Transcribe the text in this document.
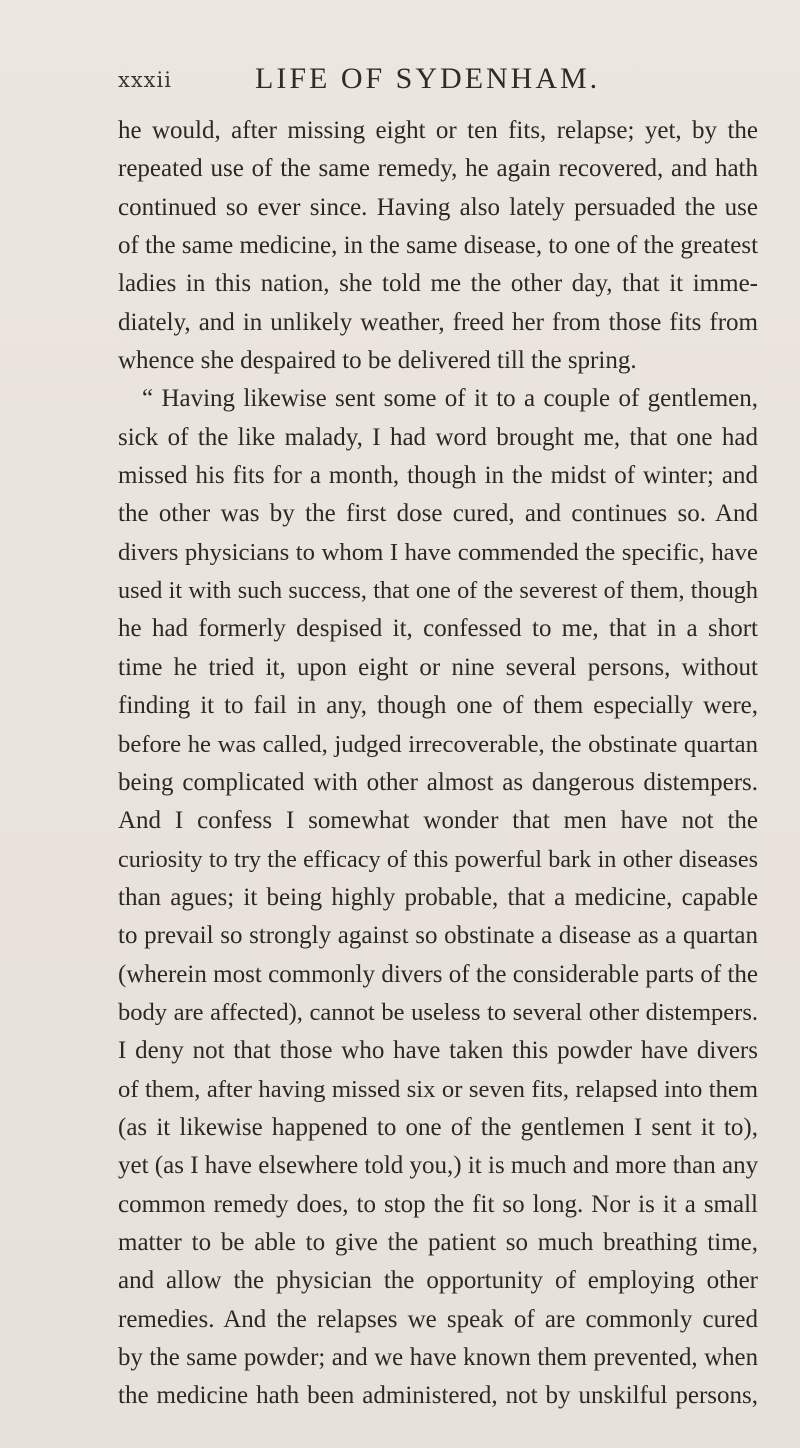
xxxii	LIFE OF SYDENHAM.
he would, after missing eight or ten fits, relapse; yet, by the
repeated use of the same remedy, he again recovered, and hath
continued so ever since. Having also lately persuaded the use
of the same medicine, in the same disease, to one of the greatest
ladies in this nation, she told me the other day, that it imme-
diately, and in unlikely weather, freed her from those fits from
whence she despaired to be delivered till the spring.
“ Having likewise sent some of it to a couple of gentlemen,
sick of the like malady, I had word brought me, that one had
missed his fits for a month, though in the midst of winter; and
the other was by the first dose cured, and continues so. And
divers physicians to whom I have commended the specific, have
used it with such success, that one of the severest of them, though
he had formerly despised it, confessed to me, that in a short
time he tried it, upon eight or nine several persons, without
finding it to fail in any, though one of them especially were,
before he was called, judged irrecoverable, the obstinate quartan
being complicated with other almost as dangerous distempers.
And I confess I somewhat wonder that men have not the
curiosity to try the efficacy of this powerful bark in other diseases
than agues; it being highly probable, that a medicine, capable
to prevail so strongly against so obstinate a disease as a quartan
(wherein most commonly divers of the considerable parts of the
body are affected), cannot be useless to several other distempers.
I deny not that those who have taken this powder have divers
of them, after having missed six or seven fits, relapsed into them
(as it likewise happened to one of the gentlemen I sent it to),
yet (as I have elsewhere told you,) it is much and more than any
common remedy does, to stop the fit so long. Nor is it a small
matter to be able to give the patient so much breathing time,
and allow the physician the opportunity of employing other
remedies. And the relapses we speak of are commonly cured
by the same powder; and we have known them prevented, when
the medicine hath been administered, not by unskilful persons,
